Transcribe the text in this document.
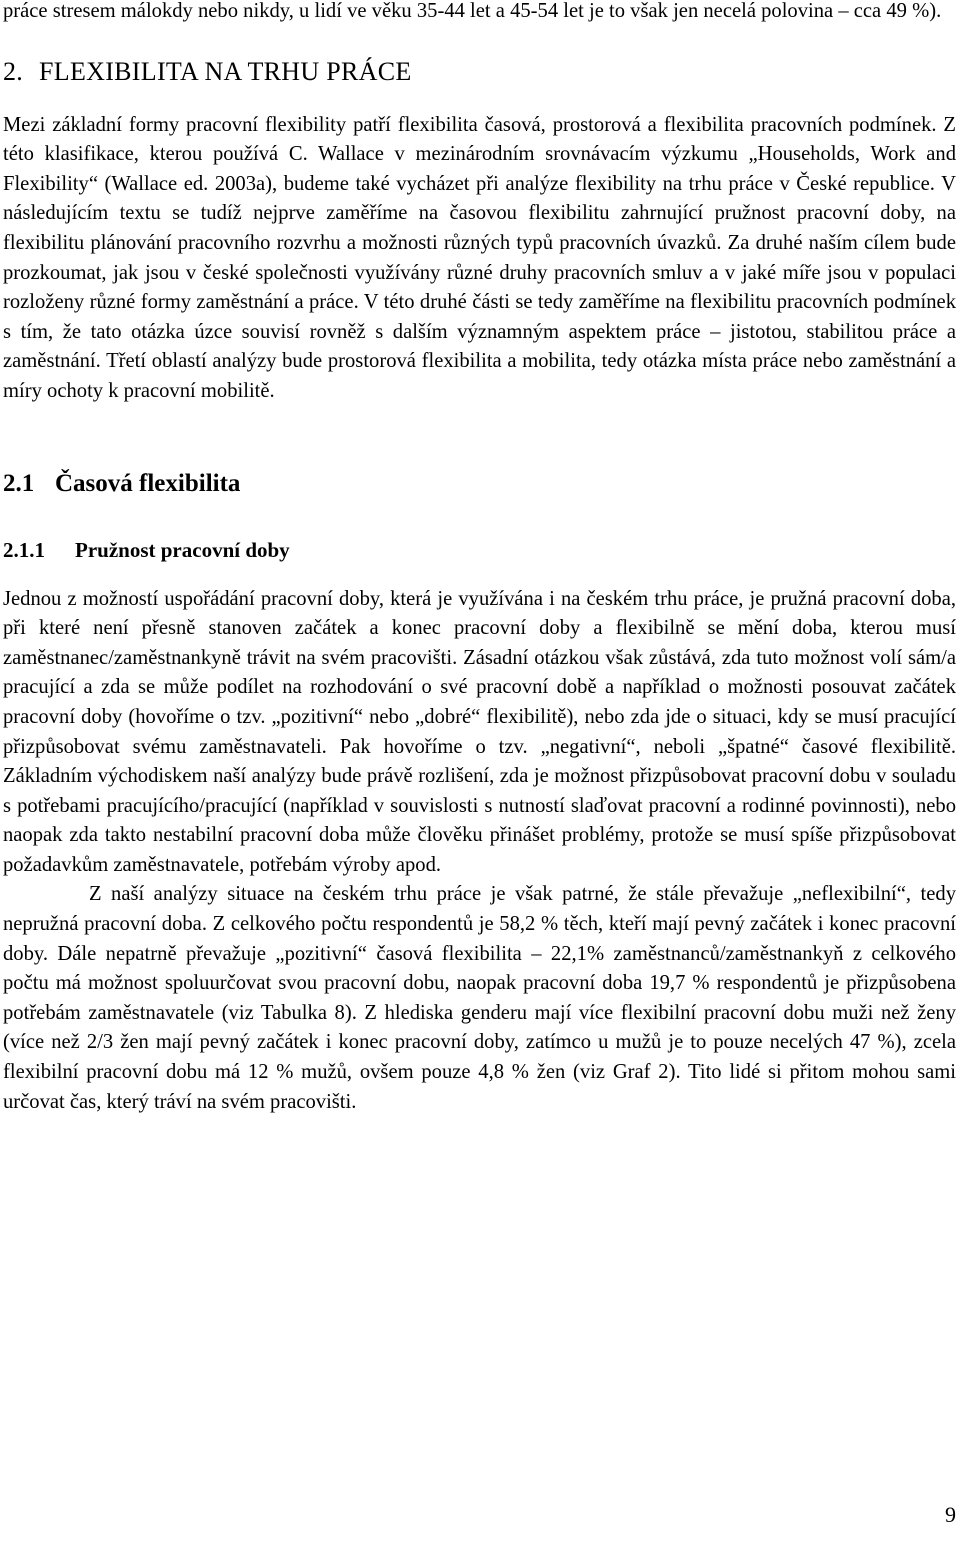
práce stresem málokdy nebo nikdy, u lidí ve věku 35-44 let a 45-54 let je to však jen necelá polovina – cca 49 %).

2. FLEXIBILITA NA TRHU PRÁCE

Mezi základní formy pracovní flexibility patří flexibilita časová, prostorová a flexibilita pracovních podmínek. Z této klasifikace, kterou používá C. Wallace v mezinárodním srovnávacím výzkumu „Households, Work and Flexibility“ (Wallace ed. 2003a), budeme také vycházet při analýze flexibility na trhu práce v České republice. V následujícím textu se tudíž nejprve zaměříme na časovou flexibilitu zahrnující pružnost pracovní doby, na flexibilitu plánování pracovního rozvrhu a možnosti různých typů pracovních úvazků. Za druhé naším cílem bude prozkoumat, jak jsou v české společnosti využívány různé druhy pracovních smluv a v jaké míře jsou v populaci rozloženy různé formy zaměstnání a práce. V této druhé části se tedy zaměříme na flexibilitu pracovních podmínek s tím, že tato otázka úzce souvisí rovněž s dalším významným aspektem práce – jistotou, stabilitou práce a zaměstnání. Třetí oblastí analýzy bude prostorová flexibilita a mobilita, tedy otázka místa práce nebo zaměstnání a míry ochoty k pracovní mobilitě.

2.1 Časová flexibilita
2.1.1 Pružnost pracovní doby

Jednou z možností uspořádání pracovní doby, která je využívána i na českém trhu práce, je pružná pracovní doba, při které není přesně stanoven začátek a konec pracovní doby a flexibilně se mění doba, kterou musí zaměstnanec/zaměstnankyně trávit na svém pracovišti. Zásadní otázkou však zůstává, zda tuto možnost volí sám/a pracující a zda se může podílet na rozhodování o své pracovní době a například o možnosti posouvat začátek pracovní doby (hovoříme o tzv. „pozitivní“ nebo „dobré“ flexibilitě), nebo zda jde o situaci, kdy se musí pracující přizpůsobovat svému zaměstnavateli. Pak hovoříme o tzv. „negativní“, neboli „špatné“ časové flexibilitě. Základním východiskem naší analýzy bude právě rozlišení, zda je možnost přizpůsobovat pracovní dobu v souladu s potřebami pracujícího/pracující (například v souvislosti s nutností slaďovat pracovní a rodinné povinnosti), nebo naopak zda takto nestabilní pracovní doba může člověku přinášet problémy, protože se musí spíše přizpůsobovat požadavkům zaměstnavatele, potřebám výroby apod.

Z naší analýzy situace na českém trhu práce je však patrné, že stále převažuje „neflexibilní“, tedy nepružná pracovní doba. Z celkového počtu respondentů je 58,2 % těch, kteří mají pevný začátek i konec pracovní doby. Dále nepatrně převažuje „pozitivní“ časová flexibilita – 22,1% zaměstnanců/zaměstnankyň z celkového počtu má možnost spoluurčovat svou pracovní dobu, naopak pracovní doba 19,7 % respondentů je přizpůsobena potřebám zaměstnavatele (viz Tabulka 8). Z hlediska genderu mají více flexibilní pracovní dobu muži než ženy (více než 2/3 žen mají pevný začátek i konec pracovní doby, zatímco u mužů je to pouze necelých 47 %), zcela flexibilní pracovní dobu má 12 % mužů, ovšem pouze 4,8 % žen (viz Graf 2). Tito lidé si přitom mohou sami určovat čas, který tráví na svém pracovišti.

9
